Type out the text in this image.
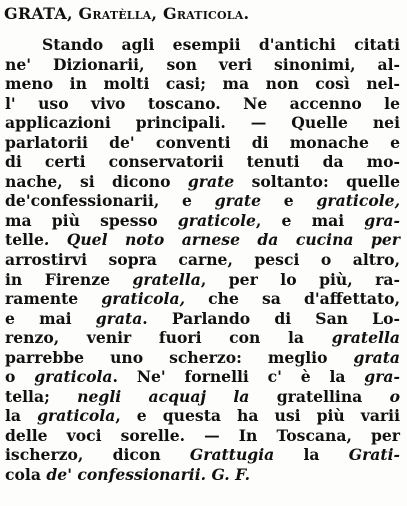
GRATA, Gratèlla, Graticola.
Stando agli esempii d'antichi citati
ne' Dizionarii, son veri sinonimi, al-
meno in molti casi; ma non così nel-
l' uso vivo toscano. Ne accenno le
applicazioni principali. — Quelle nei
parlatorii de' conventi di monache e
di certi conservatorii tenuti da mo-
nache, si dicono grate soltanto: quelle
de'confessionarii, e grate e graticole,
ma più spesso graticole, e mai gra-
telle. Quel noto arnese da cucina per
arrostirvi sopra carne, pesci o altro,
in Firenze gratella, per lo più, ra-
ramente graticola, che sa d'affettato,
e mai grata. Parlando di San Lo-
renzo, venir fuori con la gratella
parrebbe uno scherzo: meglio grata
o graticola. Ne' fornelli c' è la gra-
tella; negli acquaj la gratellina o
la graticola, e questa ha usi più varii
delle voci sorelle. — In Toscana, per
ischerzo, dicon Grattugia la Grati-
cola de' confessionarii. G. F.
